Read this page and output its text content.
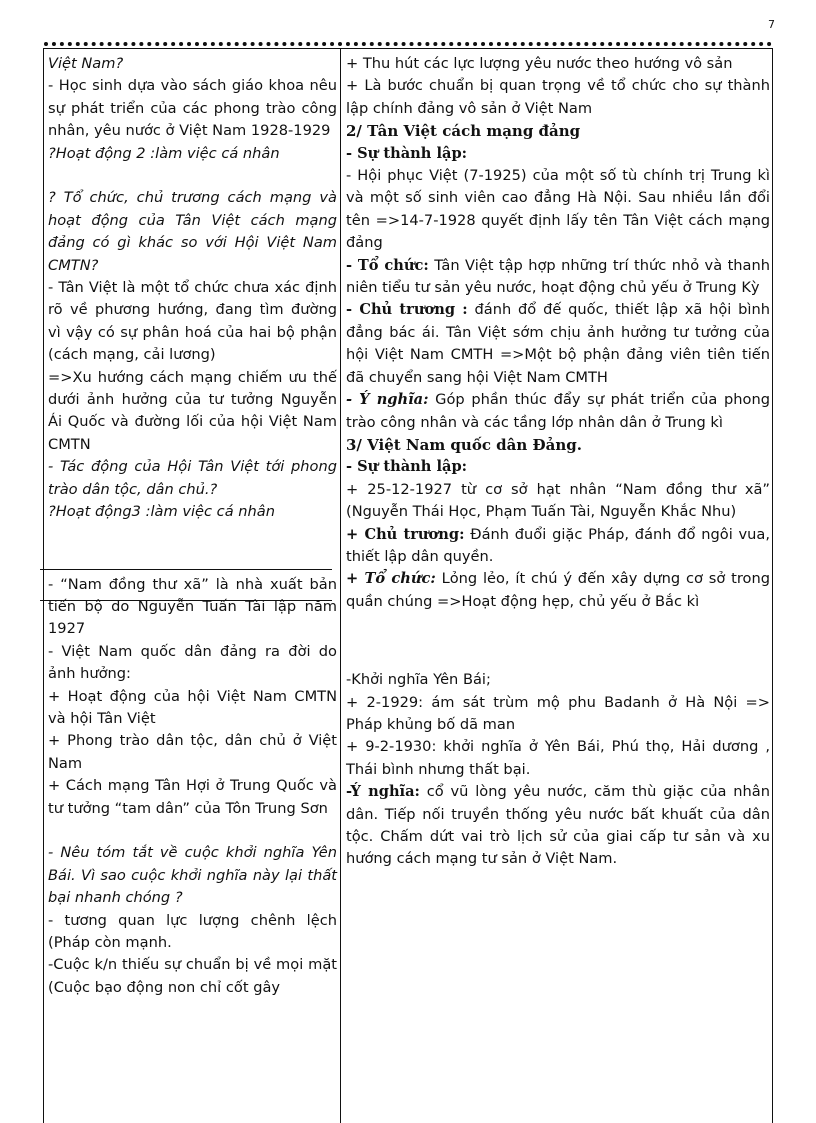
7

Việt Nam?

- Học sinh dựa vào sách giáo khoa nêu sự phát triển của các phong trào công nhân, yêu nước ở Việt Nam 1928-1929

?Hoạt động 2 :làm việc cá nhân

? Tổ chức, chủ trương cách mạng và hoạt động của Tân Việt cách mạng đảng có gì khác so với Hội Việt Nam CMTN?

- Tân Việt là một tổ chức chưa xác định rõ về phương hướng, đang tìm đường vì vậy có sự phân hoá của hai bộ phận (cách mạng, cải lương)

=>Xu hướng cách mạng chiếm ưu thế dưới ảnh hưởng của tư tưởng Nguyễn Ái Quốc và đường lối của hội Việt Nam CMTN

- Tác động của Hội Tân Việt tới phong trào dân tộc, dân chủ.?

?Hoạt động3 :làm việc cá nhân

- “Nam đồng thư xã” là nhà xuất bản tiến bộ do Nguyễn Tuấn Tài lập năm 1927

- Việt Nam quốc dân đảng ra đời do ảnh hưởng:

+ Hoạt động của hội Việt Nam CMTN và hội Tân Việt

+ Phong trào dân tộc, dân chủ ở Việt Nam

+ Cách mạng Tân Hợi ở Trung Quốc và tư tưởng “tam dân” của Tôn Trung Sơn

- Nêu tóm tắt về cuộc khởi nghĩa Yên Bái. Vì sao cuộc khởi nghĩa này lại thất bại nhanh chóng ?

- tương quan lực lượng chênh lệch (Pháp còn mạnh.

-Cuộc k/n thiếu sự chuẩn bị về mọi mặt (Cuộc bạo động non chỉ cốt gây

+ Thu hút các lực lượng yêu nước theo hướng vô sản

+ Là bước chuẩn bị quan trọng về tổ chức cho sự thành lập chính đảng vô sản ở Việt Nam

2/ Tân Việt cách mạng đảng

- Sự thành lập:

- Hội phục Việt (7-1925) của một số tù chính trị Trung kì và một số sinh viên cao đẳng Hà Nội. Sau nhiều lần đổi tên =>14-7-1928 quyết định lấy tên Tân Việt cách mạng đảng

- Tổ chức: Tân Việt tập hợp những trí thức nhỏ và thanh niên tiểu tư sản yêu nước, hoạt động chủ yếu ở Trung Kỳ

- Chủ trương : đánh đổ đế quốc, thiết lập xã hội bình đẳng bác ái. Tân Việt sớm chịu ảnh hưởng tư tưởng của hội Việt Nam CMTH =>Một bộ phận đảng viên tiên tiến đã chuyển sang hội Việt Nam CMTH

- Ý nghĩa: Góp phần thúc đẩy sự phát triển của phong trào công nhân và các tầng lớp nhân dân ở Trung kì

3/ Việt Nam quốc dân Đảng.

- Sự thành lập:

+ 25-12-1927 từ cơ sở hạt nhân “Nam đồng thư xã” (Nguyễn Thái Học, Phạm Tuấn Tài, Nguyễn Khắc Nhu)

+ Chủ trương: Đánh đuổi giặc Pháp, đánh đổ ngôi vua, thiết lập dân quyền.

+ Tổ chức: Lỏng lẻo, ít chú ý đến xây dựng cơ sở trong quần chúng =>Hoạt động hẹp, chủ yếu ở Bắc kì

-Khởi nghĩa Yên Bái;

+ 2-1929: ám sát trùm mộ phu Badanh ở Hà Nội => Pháp khủng bố dã man

+ 9-2-1930: khởi nghĩa ở Yên Bái, Phú thọ, Hải dương , Thái bình nhưng thất bại.

-Ý nghĩa: cổ vũ lòng yêu nước, căm thù giặc của nhân dân. Tiếp nối truyền thống yêu nước bất khuất của dân tộc. Chấm dứt vai trò lịch sử của giai cấp tư sản và xu hướng cách mạng tư sản ở Việt Nam.
